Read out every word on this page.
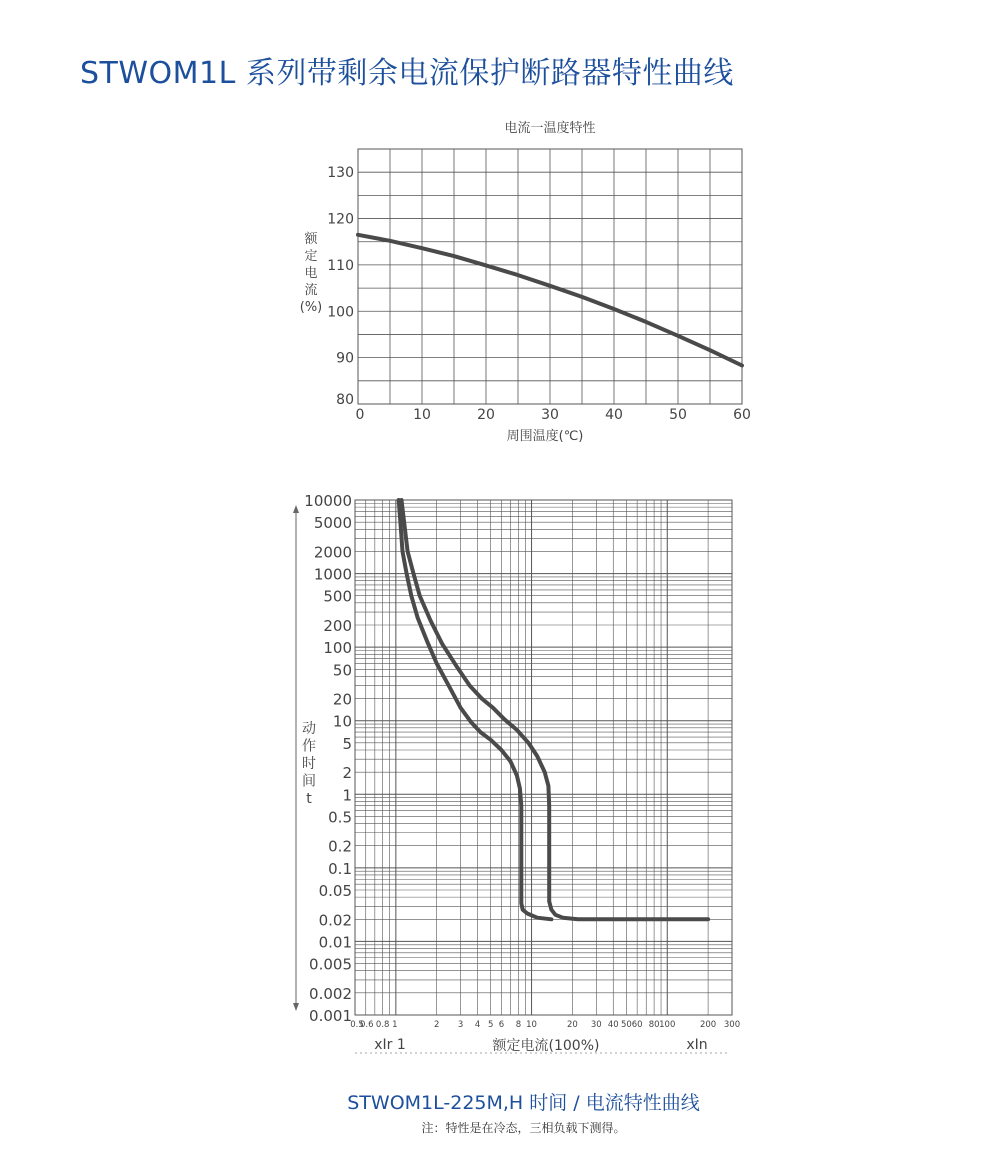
STWOM1L 系列带剩余电流保护断路器特性曲线
电流一温度特性
0	10	20	30	40	50	60
80
90
100
110
120
130
周围温度(℃)
额
定
电
流
(%)
10000
5000
2000
1000
500
200
100
50
20
10
5
2
1
0.5
0.2
0.1
0.05
0.02
0.01
0.005
0.002
0.001
0.5
0.6 0.8 1	2 3 4 5 6 8 10	20 30 40 50 60 80 100	200 300
动
作
时
间
t
xIr 1	额定电流(100%)	xIn
STWOM1L-225M,H 时间 / 电流特性曲线
注：特性是在冷态，三相负载下测得。
